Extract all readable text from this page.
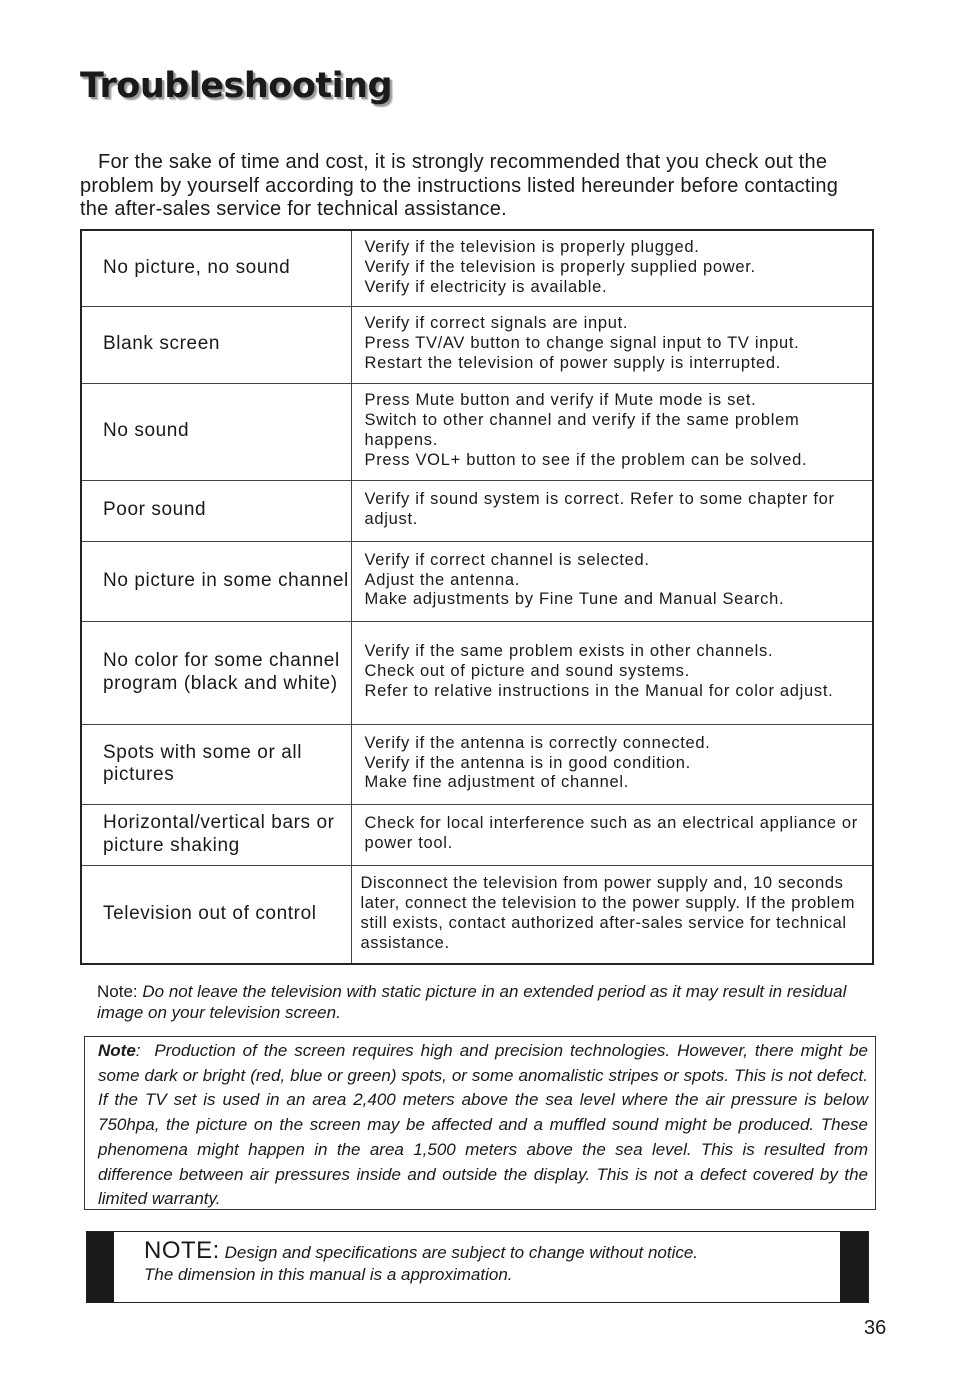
Troubleshooting

For the sake of time and cost, it is strongly recommended that you check out the problem by yourself according to the instructions listed hereunder before contacting the after-sales service for technical assistance.

No picture, no sound	Verify if the television is properly plugged.
Verify if the television is properly supplied power.
Verify if electricity is available.

Blank screen	Verify if correct signals are input.
Press TV/AV button to change signal input to TV input.
Restart the television of power supply is interrupted.

No sound	Press Mute button and verify if Mute mode is set.
Switch to other channel and verify if the same problem happens.
Press VOL+ button to see if the problem can be solved.

Poor sound	Verify if sound system is correct. Refer to some chapter for adjust.

No picture in some channel	Verify if correct channel is selected.
Adjust the antenna.
Make adjustments by Fine Tune and Manual Search.

No color for some channel program (black and white)	Verify if the same problem exists in other channels.
Check out of picture and sound systems.
Refer to relative instructions in the Manual for color adjust.

Spots with some or all pictures	Verify if the antenna is correctly connected.
Verify if the antenna is in good condition.
Make fine adjustment of channel.

Horizontal/vertical bars or picture shaking	Check for local interference such as an electrical appliance or power tool.

Television out of control	Disconnect the television from power supply and, 10 seconds later, connect the television to the power supply. If the problem still exists, contact authorized after-sales service for technical assistance.

Note: Do not leave the television with static picture in an extended period as it may result in residual image on your television screen.

Note: Production of the screen requires high and precision technologies. However, there might be some dark or bright (red, blue or green) spots, or some anomalistic stripes or spots. This is not defect. If the TV set is used in an area 2,400 meters above the sea level where the air pressure is below 750hpa, the picture on the screen may be affected and a muffled sound might be produced. These phenomena might happen in the area 1,500 meters above the sea level. This is resulted from difference between air pressures inside and outside the display. This is not a defect covered by the limited warranty.

NOTE: Design and specifications are subject to change without notice.
The dimension in this manual is a approximation.
36
